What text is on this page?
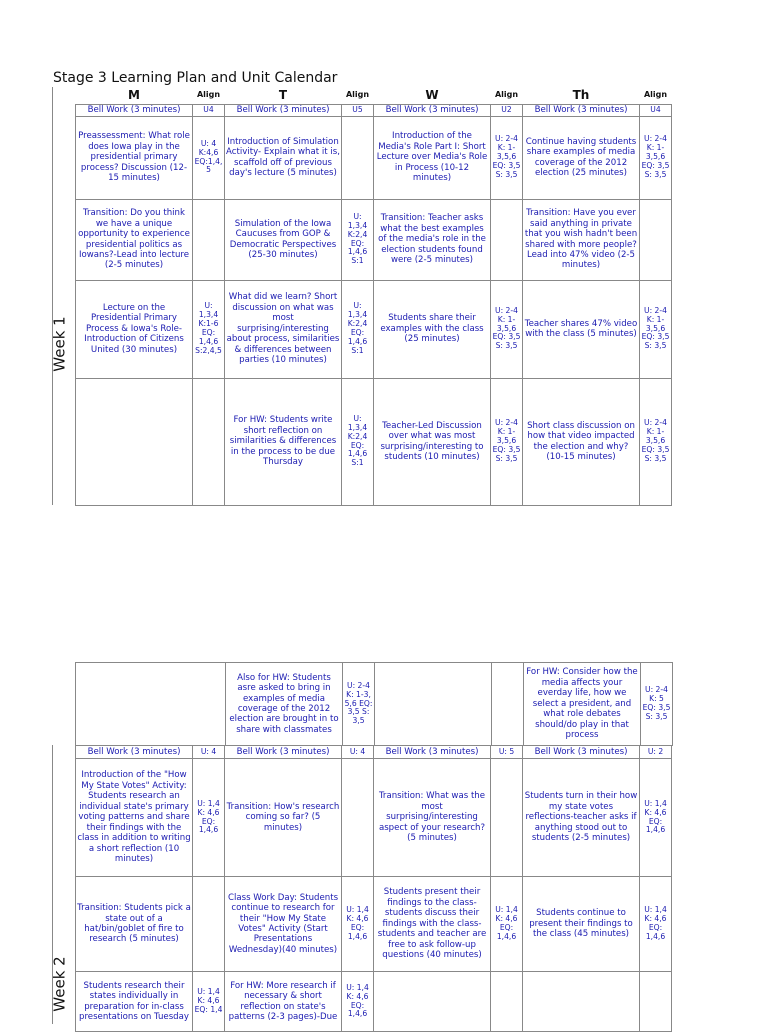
Stage 3 Learning Plan and Unit Calendar
Week 1
M	Align	T	Align	W	Align	Th	Align
Bell Work (3 minutes)	U4	Bell Work (3 minutes)	U5	Bell Work (3 minutes)	U2	Bell Work (3 minutes)	U4
Preassessment: What role does Iowa play in the presidential primary process? Discussion (12-15 minutes)	U: 4 K:4,6 EQ:1,4, 5	Introduction of Simulation Activity- Explain what it is, scaffold off of previous day's lecture (5 minutes)		Introduction of the Media's Role Part I: Short Lecture over Media's Role in Process (10-12 minutes)	U: 2-4 K: 1- 3,5,6 EQ: 3,5 S: 3,5	Continue having students share examples of media coverage of the 2012 election (25 minutes)	U: 2-4 K: 1- 3,5,6 EQ: 3,5 S: 3,5
Transition: Do you think we have a unique opportunity to experience presidential politics as Iowans?-Lead into lecture (2-5 minutes)		Simulation of the Iowa Caucuses from GOP & Democratic Perspectives (25-30 minutes)	U: 1,3,4 K:2,4 EQ: 1,4,6 S:1	Transition: Teacher asks what the best examples of the media's role in the election students found were (2-5 minutes)		Transition: Have you ever said anything in private that you wish hadn't been shared with more people? Lead into 47% video (2-5 minutes)	
Lecture on the Presidential Primary Process & Iowa's Role- Introduction of Citizens United (30 minutes)	U: 1,3,4 K:1-6 EQ: 1,4,6 S:2,4,5	What did we learn? Short discussion on what was most surprising/interesting about process, similarities & differences between parties (10 minutes)	U: 1,3,4 K:2,4 EQ: 1,4,6 S:1	Students share their examples with the class (25 minutes)	U: 2-4 K: 1- 3,5,6 EQ: 3,5 S: 3,5	Teacher shares 47% video with the class (5 minutes)	U: 2-4 K: 1- 3,5,6 EQ: 3,5 S: 3,5
		For HW: Students write short reflection on similarities & differences in the process to be due Thursday	U: 1,3,4 K:2,4 EQ: 1,4,6 S:1	Teacher-Led Discussion over what was most surprising/interesting to students (10 minutes)	U: 2-4 K: 1- 3,5,6 EQ: 3,5 S: 3,5	Short class discussion on how that video impacted the election and why? (10-15 minutes)	U: 2-4 K: 1- 3,5,6 EQ: 3,5 S: 3,5
Week 2
	Also for HW: Students asre asked to bring in examples of media coverage of the 2012 election are brought in to share with classmates	U: 2-4 K: 1-3, 5,6 EQ: 3,5 S: 3,5			For HW: Consider how the media affects your everday life, how we select a president, and what role debates should/do play in that process	U: 2-4 K: 5 EQ: 3,5 S: 3,5
Bell Work (3 minutes)	U: 4	Bell Work (3 minutes)	U: 4	Bell Work (3 minutes)	U: 5	Bell Work (3 minutes)	U: 2
Introduction of the "How My State Votes" Activity: Students research an individual state's primary voting patterns and share their findings with the class in addition to writing a short reflection (10 minutes)	U: 1,4 K: 4,6 EQ: 1,4,6	Transition: How's research coming so far? (5 minutes)		Transition: What was the most surprising/interesting aspect of your research? (5 minutes)		Students turn in their how my state votes reflections-teacher asks if anything stood out to students (2-5 minutes)	U: 1,4 K: 4,6 EQ: 1,4,6
Transition: Students pick a state out of a hat/bin/goblet of fire to research (5 minutes)		Class Work Day: Students continue to research for their "How My State Votes" Activity (Start Presentations Wednesday)(40 minutes)	U: 1,4 K: 4,6 EQ: 1,4,6	Students present their findings to the class- students discuss their findings with the class- students and teacher are free to ask follow-up questions (40 minutes)	U: 1,4 K: 4,6 EQ: 1,4,6	Students continue to present their findings to the class (45 minutes)	U: 1,4 K: 4,6 EQ: 1,4,6
Students research their states individually in preparation for in-class presentations on Tuesday	U: 1,4 K: 4,6 EQ: 1,4	For HW: More research if necessary & short reflection on state's patterns (2-3 pages)-Due	U: 1,4 K: 4,6 EQ: 1,4,6				
